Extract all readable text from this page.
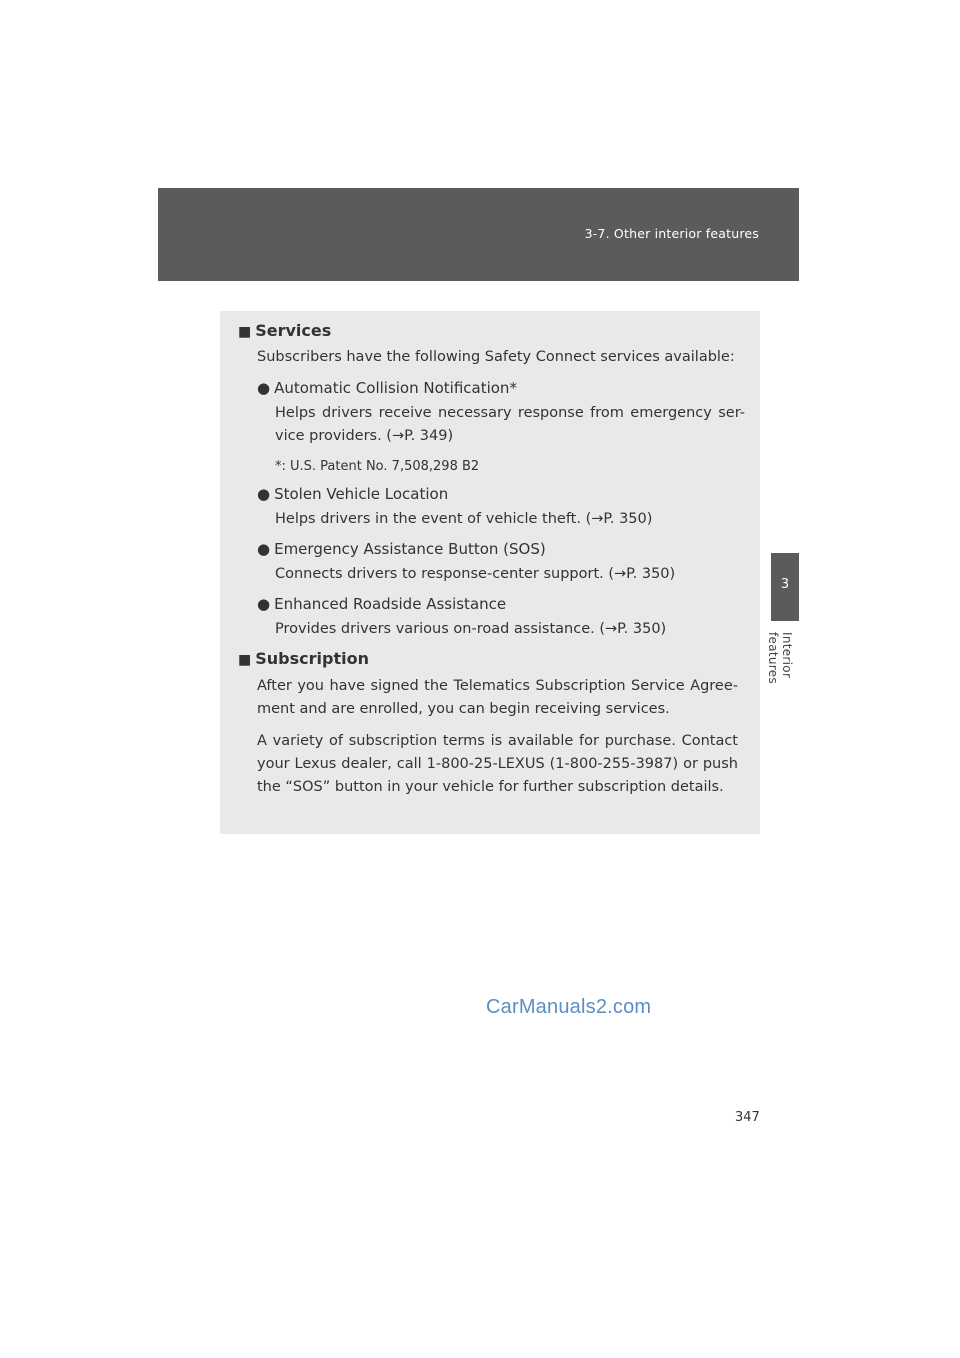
3-7. Other interior features
3
Interior features
■ Services
Subscribers have the following Safety Connect services available:
● Automatic Collision Notification*
Helps drivers receive necessary response from emergency ser-
vice providers. (→P. 349)
*: U.S. Patent No. 7,508,298 B2
● Stolen Vehicle Location
Helps drivers in the event of vehicle theft. (→P. 350)
● Emergency Assistance Button (SOS)
Connects drivers to response-center support. (→P. 350)
● Enhanced Roadside Assistance
Provides drivers various on-road assistance. (→P. 350)
■ Subscription
After you have signed the Telematics Subscription Service Agree-ment and are enrolled, you can begin receiving services.
A variety of subscription terms is available for purchase. Contact your Lexus dealer, call 1-800-25-LEXUS (1-800-255-3987) or push the “SOS” button in your vehicle for further subscription details.
CarManuals2.com
347
